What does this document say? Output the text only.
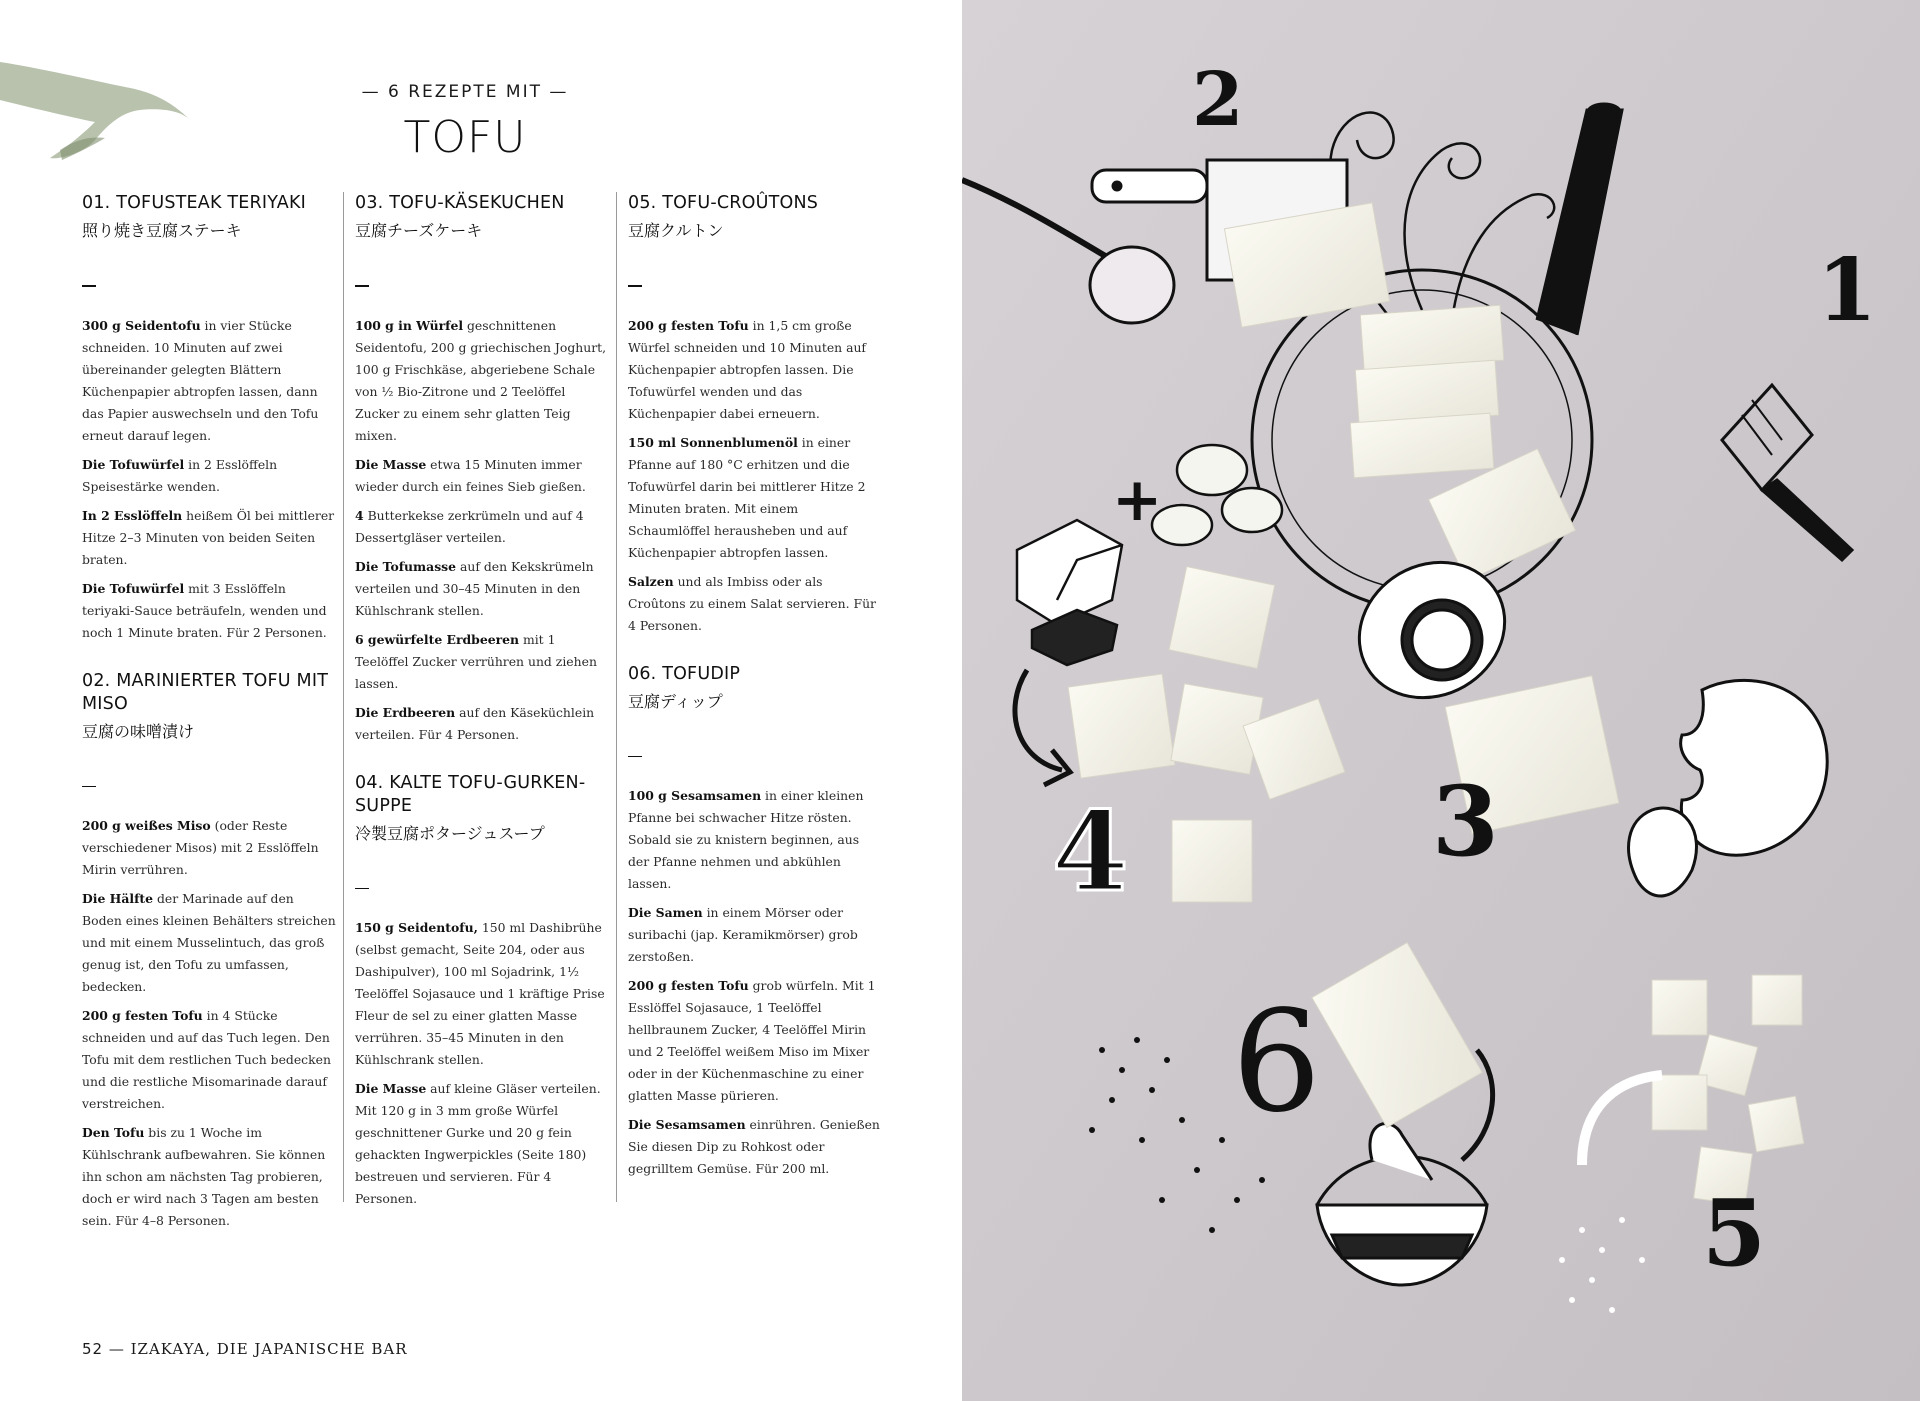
— 6 REZEPTE MIT —
TOFU
01. TOFUSTEAK TERIYAKI
照り焼き豆腐ステーキ

300 g Seidentofu in vier Stücke schneiden. 10 Minuten auf zwei übereinander gelegten Blättern Küchenpapier abtropfen lassen, dann das Papier auswechseln und den Tofu erneut darauf legen.

Die Tofuwürfel in 2 Esslöffeln Speisestärke wenden.

In 2 Esslöffeln heißem Öl bei mittlerer Hitze 2–3 Minuten von beiden Seiten braten.

Die Tofuwürfel mit 3 Esslöffeln teriyaki-Sauce beträufeln, wenden und noch 1 Minute braten. Für 2 Personen.

02. MARINIERTER TOFU MIT MISO
豆腐の味噌漬け

200 g weißes Miso (oder Reste verschiedener Misos) mit 2 Esslöffeln Mirin verrühren.

Die Hälfte der Marinade auf den Boden eines kleinen Behälters streichen und mit einem Musselintuch, das groß genug ist, den Tofu zu umfassen, bedecken.

200 g festen Tofu in 4 Stücke schneiden und auf das Tuch legen. Den Tofu mit dem restlichen Tuch bedecken und die restliche Misomarinade darauf verstreichen.

Den Tofu bis zu 1 Woche im Kühlschrank aufbewahren. Sie können ihn schon am nächsten Tag probieren, doch er wird nach 3 Tagen am besten sein. Für 4–8 Personen.

03. TOFU-KÄSEKUCHEN
豆腐チーズケーキ

100 g in Würfel geschnittenen Seidentofu, 200 g griechischen Joghurt, 100 g Frischkäse, abgeriebene Schale von ½ Bio-Zitrone und 2 Teelöffel Zucker zu einem sehr glatten Teig mixen.

Die Masse etwa 15 Minuten immer wieder durch ein feines Sieb gießen.

4 Butterkekse zerkrümeln und auf 4 Dessertgläser verteilen.

Die Tofumasse auf den Kekskrümeln verteilen und 30–45 Minuten in den Kühlschrank stellen.

6 gewürfelte Erdbeeren mit 1 Teelöffel Zucker verrühren und ziehen lassen.

Die Erdbeeren auf den Käseküchlein verteilen. Für 4 Personen.

04. KALTE TOFU-GURKEN-SUPPE
冷製豆腐ポタージュスープ

150 g Seidentofu, 150 ml Dashibrühe (selbst gemacht, Seite 204, oder aus Dashipulver), 100 ml Sojadrink, 1½ Teelöffel Sojasauce und 1 kräftige Prise Fleur de sel zu einer glatten Masse verrühren. 35–45 Minuten in den Kühlschrank stellen.

Die Masse auf kleine Gläser verteilen. Mit 120 g in 3 mm große Würfel geschnittener Gurke und 20 g fein gehackten Ingwerpickles (Seite 180) bestreuen und servieren. Für 4 Personen.

05. TOFU-CROÛTONS
豆腐クルトン

200 g festen Tofu in 1,5 cm große Würfel schneiden und 10 Minuten auf Küchenpapier abtropfen lassen. Die Tofuwürfel wenden und das Küchenpapier dabei erneuern.

150 ml Sonnenblumenöl in einer Pfanne auf 180 °C erhitzen und die Tofuwürfel darin bei mittlerer Hitze 2 Minuten braten. Mit einem Schaumlöffel herausheben und auf Küchenpapier abtropfen lassen.

Salzen und als Imbiss oder als Croûtons zu einem Salat servieren. Für 4 Personen.

06. TOFUDIP
豆腐ディップ

100 g Sesamsamen in einer kleinen Pfanne bei schwacher Hitze rösten. Sobald sie zu knistern beginnen, aus der Pfanne nehmen und abkühlen lassen.

Die Samen in einem Mörser oder suribachi (jap. Keramikmörser) grob zerstoßen.

200 g festen Tofu grob würfeln. Mit 1 Esslöffel Sojasauce, 1 Teelöffel hellbraunem Zucker, 4 Teelöffel Mirin und 2 Teelöffel weißem Miso im Mixer oder in der Küchenmaschine zu einer glatten Masse pürieren.

Die Sesamsamen einrühren. Genießen Sie diesen Dip zu Rohkost oder gegrilltem Gemüse. Für 200 ml.

52 — IZAKAYA, DIE JAPANISCHE BAR
+
2
1
4	3
6
5
